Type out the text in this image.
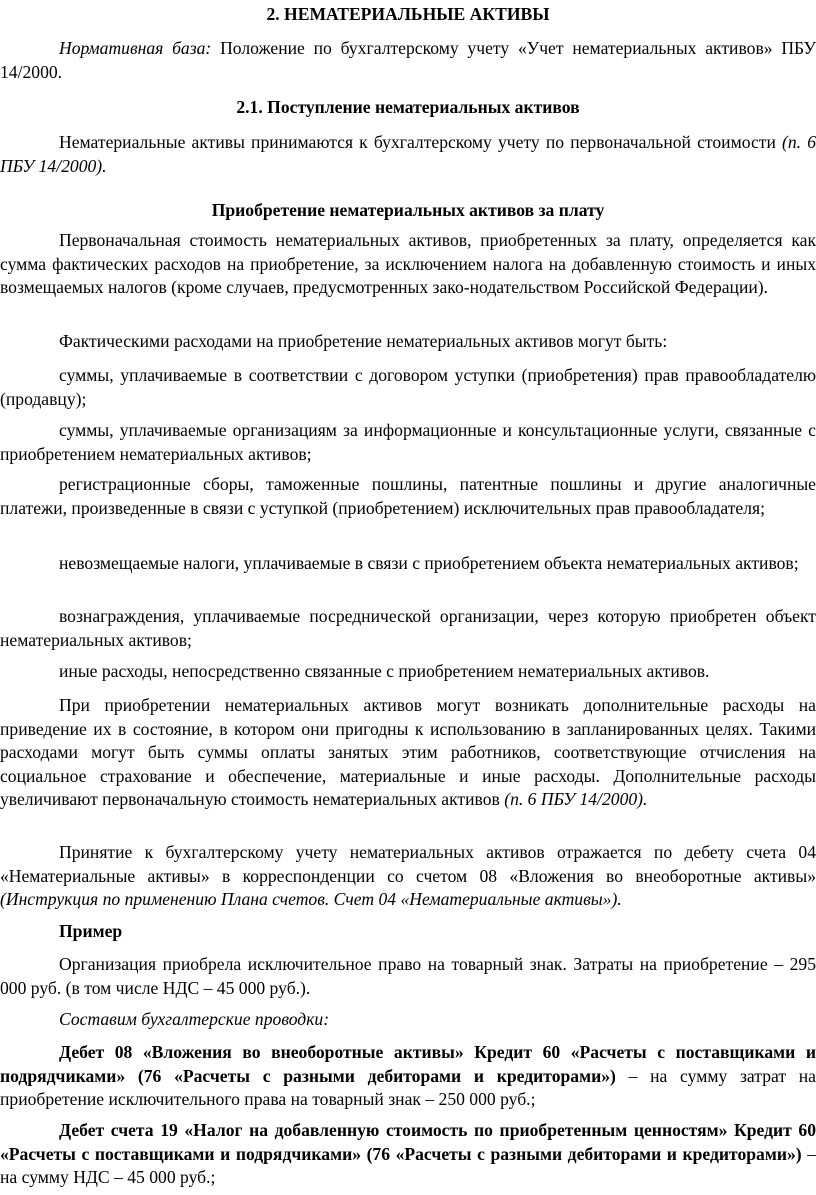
2. НЕМАТЕРИАЛЬНЫЕ АКТИВЫ

Нормативная база: Положение по бухгалтерскому учету «Учет нематериальных активов» ПБУ 14/2000.

2.1. Поступление нематериальных активов

Нематериальные активы принимаются к бухгалтерскому учету по первоначальной стоимости (п. 6 ПБУ 14/2000).

Приобретение нематериальных активов за плату

Первоначальная стоимость нематериальных активов, приобретенных за плату, определяется как сумма фактических расходов на приобретение, за исключением налога на добавленную стоимость и иных возмещаемых налогов (кроме случаев, предусмотренных зако-нодательством Российской Федерации).

Фактическими расходами на приобретение нематериальных активов могут быть:

суммы, уплачиваемые в соответствии с договором уступки (приобретения) прав правообладателю (продавцу);

суммы, уплачиваемые организациям за информационные и консультационные услуги, связанные с приобретением нематериальных активов;

регистрационные сборы, таможенные пошлины, патентные пошлины и другие аналогичные платежи, произведенные в связи с уступкой (приобретением) исключительных прав правообладателя;

невозмещаемые налоги, уплачиваемые в связи с приобретением объекта нематериальных активов;

вознаграждения, уплачиваемые посреднической организации, через которую приобретен объект нематериальных активов;

иные расходы, непосредственно связанные с приобретением нематериальных активов.

При приобретении нематериальных активов могут возникать дополнительные расходы на приведение их в состояние, в котором они пригодны к использованию в запланированных целях. Такими расходами могут быть суммы оплаты занятых этим работников, соответствующие отчисления на социальное страхование и обеспечение, материальные и иные расходы. Дополнительные расходы увеличивают первоначальную стоимость нематериальных активов (п. 6 ПБУ 14/2000).

Принятие к бухгалтерскому учету нематериальных активов отражается по дебету счета 04 «Нематериальные активы» в корреспонденции со счетом 08 «Вложения во внеоборотные активы» (Инструкция по применению Плана счетов. Счет 04 «Нематериальные активы»).

Пример

Организация приобрела исключительное право на товарный знак. Затраты на приобретение – 295 000 руб. (в том числе НДС – 45 000 руб.).

Составим бухгалтерские проводки:

Дебет 08 «Вложения во внеоборотные активы» Кредит 60 «Расчеты с поставщиками и подрядчиками» (76 «Расчеты с разными дебиторами и кредиторами») – на сумму затрат на приобретение исключительного права на товарный знак – 250 000 руб.;

Дебет счета 19 «Налог на добавленную стоимость по приобретенным ценностям» Кредит 60 «Расчеты с поставщиками и подрядчиками» (76 «Расчеты с разными дебиторами и кредиторами») – на сумму НДС – 45 000 руб.;
